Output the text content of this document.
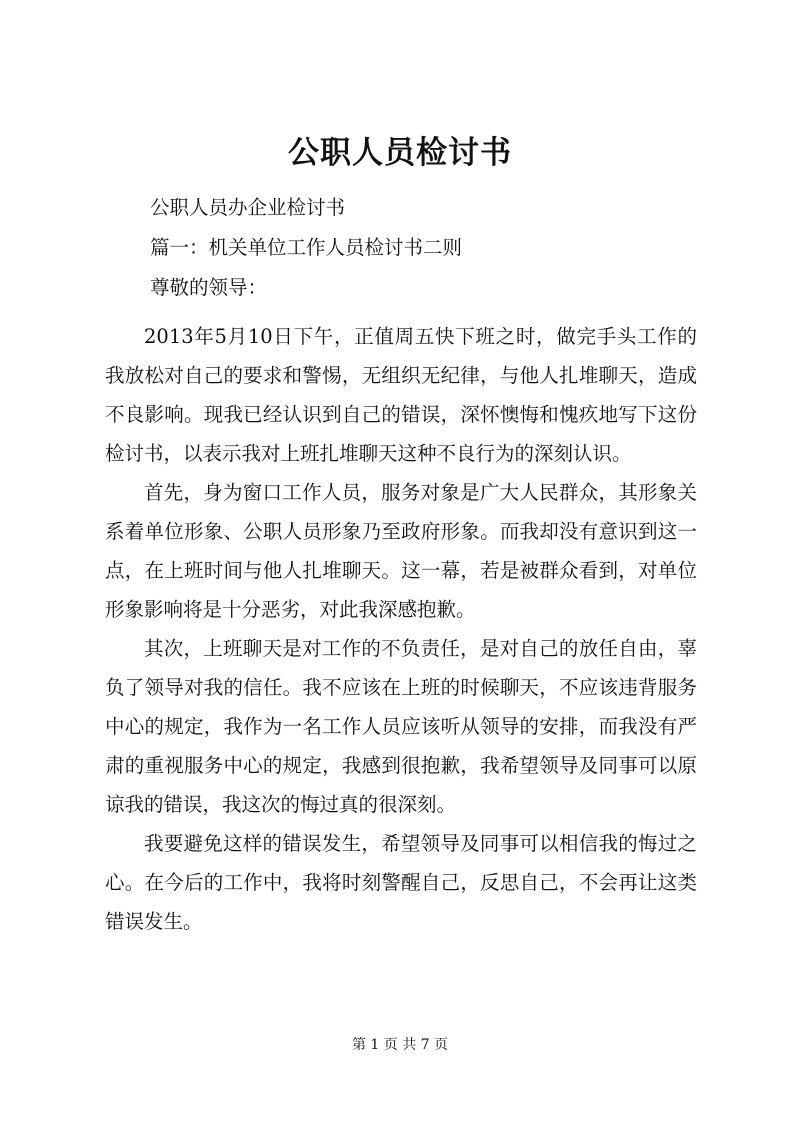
公职人员检讨书
公职人员办企业检讨书
篇一：机关单位工作人员检讨书二则
尊敬的领导：

2013年5月10日下午，正值周五快下班之时，做完手头工作的我放松对自己的要求和警惕，无组织无纪律，与他人扎堆聊天，造成不良影响。现我已经认识到自己的错误，深怀懊悔和愧疚地写下这份检讨书，以表示我对上班扎堆聊天这种不良行为的深刻认识。

首先，身为窗口工作人员，服务对象是广大人民群众，其形象关系着单位形象、公职人员形象乃至政府形象。而我却没有意识到这一点，在上班时间与他人扎堆聊天。这一幕，若是被群众看到，对单位形象影响将是十分恶劣，对此我深感抱歉。

其次，上班聊天是对工作的不负责任，是对自己的放任自由，辜负了领导对我的信任。我不应该在上班的时候聊天，不应该违背服务中心的规定，我作为一名工作人员应该听从领导的安排，而我没有严肃的重视服务中心的规定，我感到很抱歉，我希望领导及同事可以原谅我的错误，我这次的悔过真的很深刻。

我要避免这样的错误发生，希望领导及同事可以相信我的悔过之心。在今后的工作中，我将时刻警醒自己，反思自己，不会再让这类错误发生。

第 1 页 共 7 页
